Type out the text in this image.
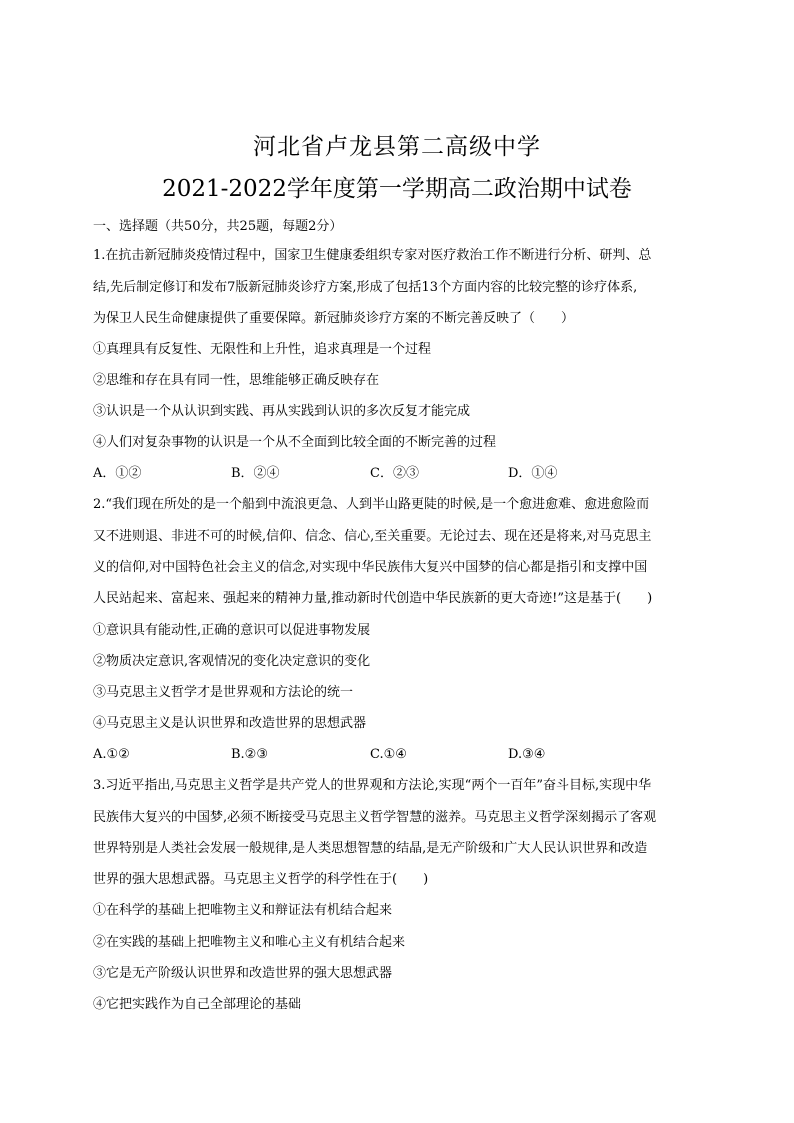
河北省卢龙县第二高级中学
2021-2022学年度第一学期高二政治期中试卷
一、选择题（共50分，共25题，每题2分）
1.在抗击新冠肺炎疫情过程中，国家卫生健康委组织专家对医疗救治工作不断进行分析、研判、总
结,先后制定修订和发布7版新冠肺炎诊疗方案,形成了包括13个方面内容的比较完整的诊疗体系,
为保卫人民生命健康提供了重要保障。新冠肺炎诊疗方案的不断完善反映了（　　）
①真理具有反复性、无限性和上升性，追求真理是一个过程
②思维和存在具有同一性，思维能够正确反映存在
③认识是一个从认识到实践、再从实践到认识的多次反复才能完成
④人们对复杂事物的认识是一个从不全面到比较全面的不断完善的过程
A．①②	B．②④	C．②③	D．①④
2.“我们现在所处的是一个船到中流浪更急、人到半山路更陡的时候,是一个愈进愈难、愈进愈险而
又不进则退、非进不可的时候,信仰、信念、信心,至关重要。无论过去、现在还是将来,对马克思主
义的信仰,对中国特色社会主义的信念,对实现中华民族伟大复兴中国梦的信心都是指引和支撑中国
人民站起来、富起来、强起来的精神力量,推动新时代创造中华民族新的更大奇迹!”这是基于(　　)
①意识具有能动性,正确的意识可以促进事物发展
②物质决定意识,客观情况的变化决定意识的变化
③马克思主义哲学才是世界观和方法论的统一
④马克思主义是认识世界和改造世界的思想武器
A.①②	B.②③	C.①④	D.③④
3.习近平指出,马克思主义哲学是共产党人的世界观和方法论,实现“两个一百年”奋斗目标,实现中华
民族伟大复兴的中国梦,必须不断接受马克思主义哲学智慧的滋养。马克思主义哲学深刻揭示了客观
世界特别是人类社会发展一般规律,是人类思想智慧的结晶,是无产阶级和广大人民认识世界和改造
世界的强大思想武器。马克思主义哲学的科学性在于(　　)
①在科学的基础上把唯物主义和辩证法有机结合起来
②在实践的基础上把唯物主义和唯心主义有机结合起来
③它是无产阶级认识世界和改造世界的强大思想武器
④它把实践作为自己全部理论的基础
